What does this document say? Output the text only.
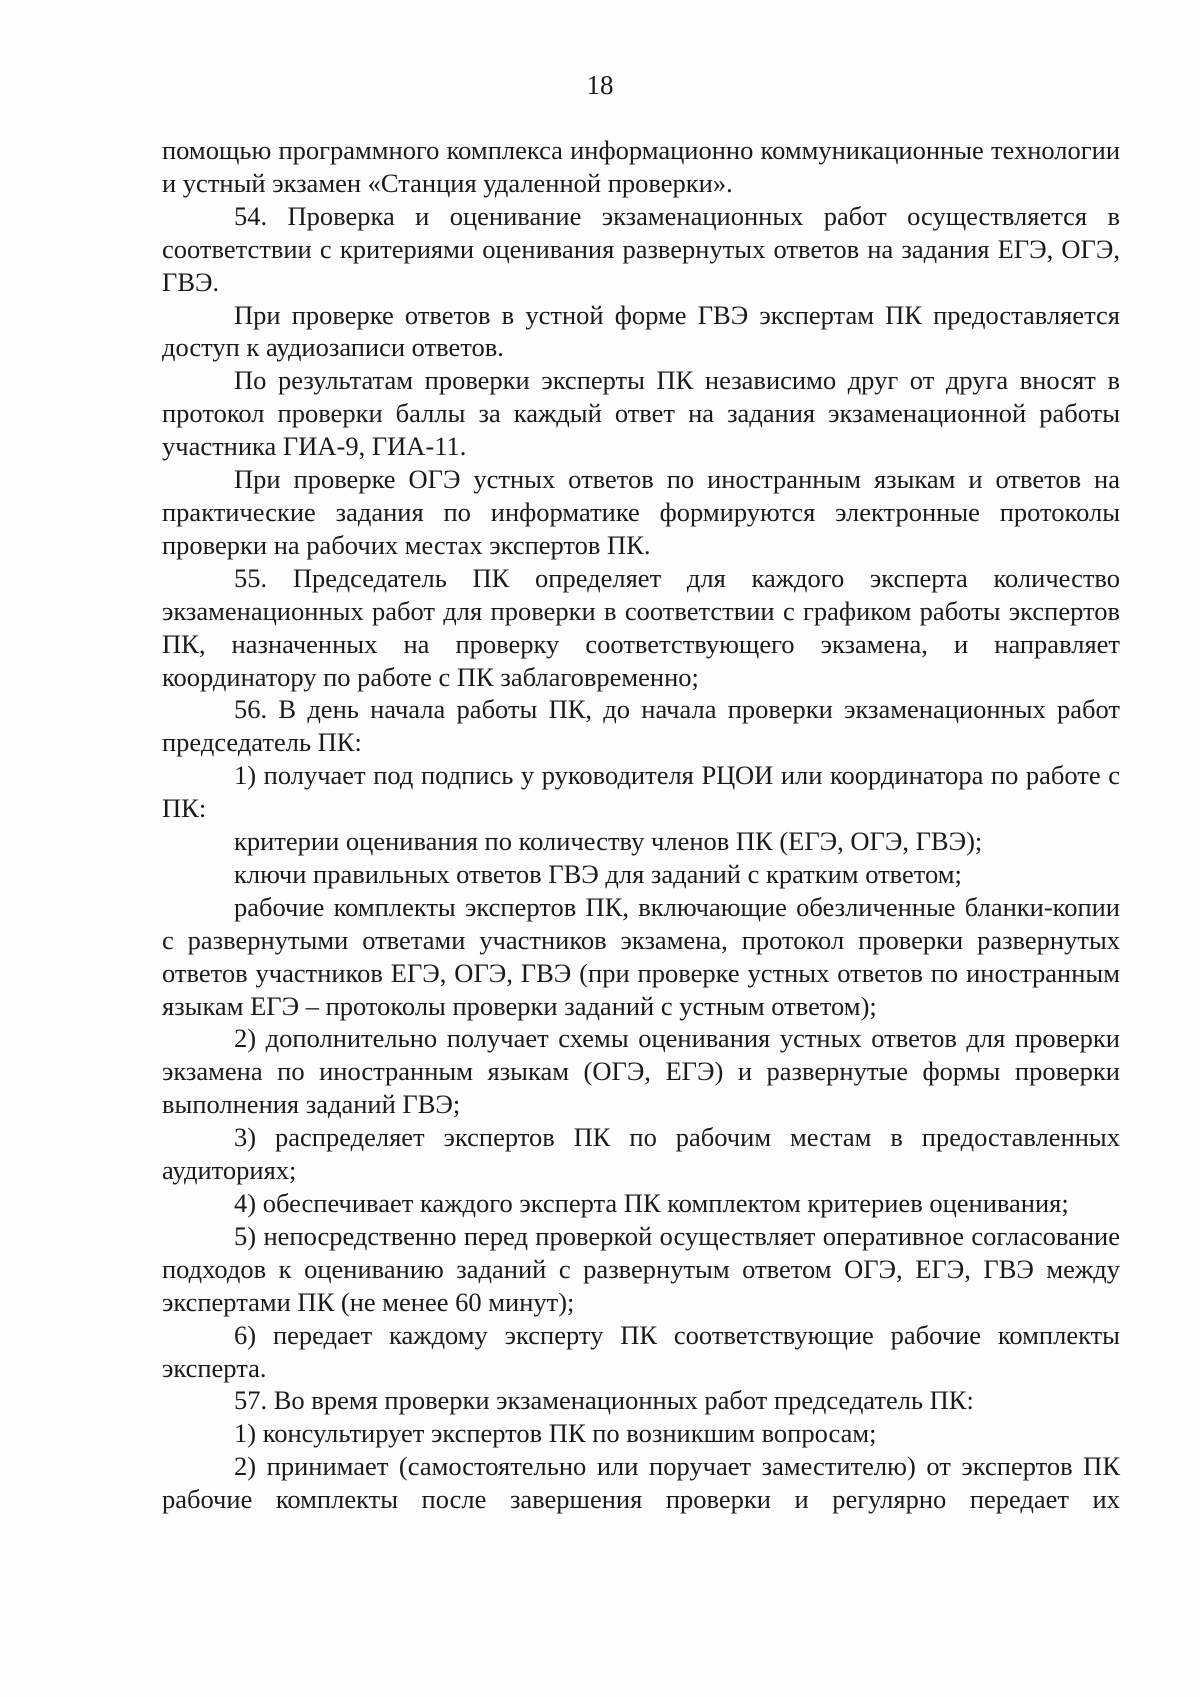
18

помощью программного комплекса информационно коммуникационные технологии и устный экзамен «Станция удаленной проверки».

54. Проверка и оценивание экзаменационных работ осуществляется в соответствии с критериями оценивания развернутых ответов на задания ЕГЭ, ОГЭ, ГВЭ.

При проверке ответов в устной форме ГВЭ экспертам ПК предоставляется доступ к аудиозаписи ответов.

По результатам проверки эксперты ПК независимо друг от друга вносят в протокол проверки баллы за каждый ответ на задания экзаменационной работы участника ГИА-9, ГИА-11.

При проверке ОГЭ устных ответов по иностранным языкам и ответов на практические задания по информатике формируются электронные протоколы проверки на рабочих местах экспертов ПК.

55. Председатель ПК определяет для каждого эксперта количество экзаменационных работ для проверки в соответствии с графиком работы экспертов ПК, назначенных на проверку соответствующего экзамена, и направляет координатору по работе с ПК заблаговременно;

56. В день начала работы ПК, до начала проверки экзаменационных работ председатель ПК:

1) получает под подпись у руководителя РЦОИ или координатора по работе с ПК:

критерии оценивания по количеству членов ПК (ЕГЭ, ОГЭ, ГВЭ);

ключи правильных ответов ГВЭ для заданий с кратким ответом;

рабочие комплекты экспертов ПК, включающие обезличенные бланки-копии с развернутыми ответами участников экзамена, протокол проверки развернутых ответов участников ЕГЭ, ОГЭ, ГВЭ (при проверке устных ответов по иностранным языкам ЕГЭ – протоколы проверки заданий с устным ответом);

2) дополнительно получает схемы оценивания устных ответов для проверки экзамена по иностранным языкам (ОГЭ, ЕГЭ) и развернутые формы проверки выполнения заданий ГВЭ;

3) распределяет экспертов ПК по рабочим местам в предоставленных аудиториях;

4) обеспечивает каждого эксперта ПК комплектом критериев оценивания;

5) непосредственно перед проверкой осуществляет оперативное согласование подходов к оцениванию заданий с развернутым ответом ОГЭ, ЕГЭ, ГВЭ между экспертами ПК (не менее 60 минут);

6) передает каждому эксперту ПК соответствующие рабочие комплекты эксперта.

57. Во время проверки экзаменационных работ председатель ПК:

1) консультирует экспертов ПК по возникшим вопросам;

2) принимает (самостоятельно или поручает заместителю) от экспертов ПК рабочие комплекты после завершения проверки и регулярно передает их
